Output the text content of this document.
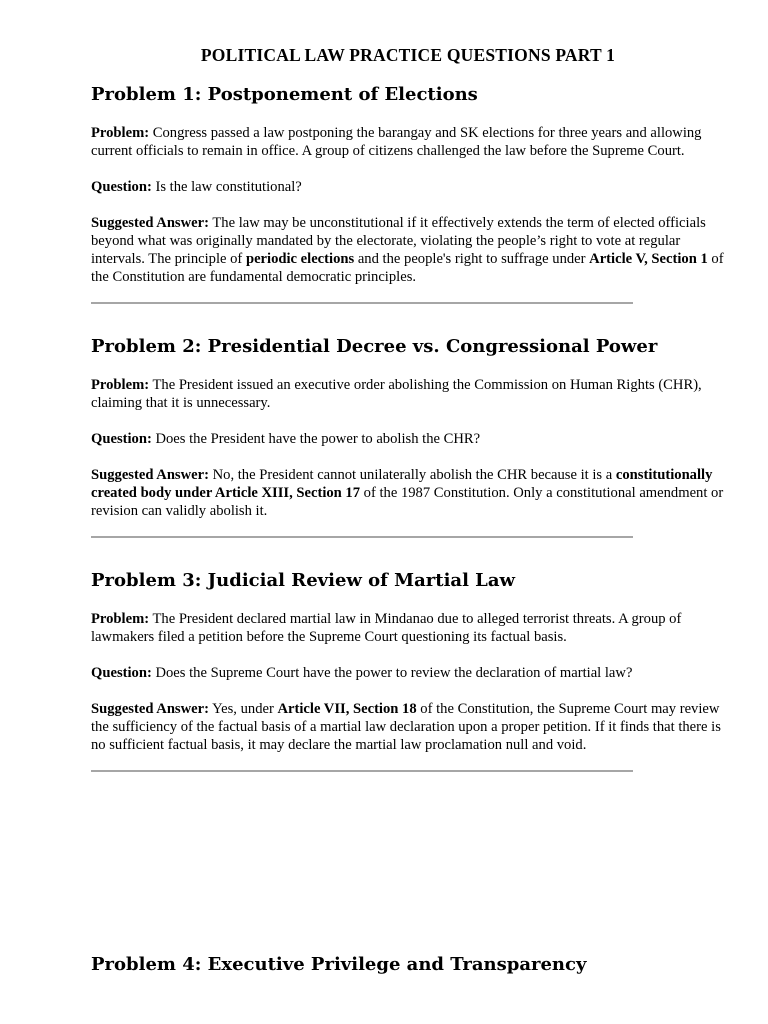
POLITICAL LAW PRACTICE QUESTIONS PART 1
Problem 1: Postponement of Elections

Problem: Congress passed a law postponing the barangay and SK elections for three years and allowing current officials to remain in office. A group of citizens challenged the law before the Supreme Court.

Question: Is the law constitutional?

Suggested Answer: The law may be unconstitutional if it effectively extends the term of elected officials beyond what was originally mandated by the electorate, violating the people’s right to vote at regular intervals. The principle of periodic elections and the people's right to suffrage under Article V, Section 1 of the Constitution are fundamental democratic principles.

Problem 2: Presidential Decree vs. Congressional Power

Problem: The President issued an executive order abolishing the Commission on Human Rights (CHR), claiming that it is unnecessary.

Question: Does the President have the power to abolish the CHR?

Suggested Answer: No, the President cannot unilaterally abolish the CHR because it is a constitutionally created body under Article XIII, Section 17 of the 1987 Constitution. Only a constitutional amendment or revision can validly abolish it.

Problem 3: Judicial Review of Martial Law

Problem: The President declared martial law in Mindanao due to alleged terrorist threats. A group of lawmakers filed a petition before the Supreme Court questioning its factual basis.

Question: Does the Supreme Court have the power to review the declaration of martial law?

Suggested Answer: Yes, under Article VII, Section 18 of the Constitution, the Supreme Court may review the sufficiency of the factual basis of a martial law declaration upon a proper petition. If it finds that there is no sufficient factual basis, it may declare the martial law proclamation null and void.

Problem 4: Executive Privilege and Transparency
